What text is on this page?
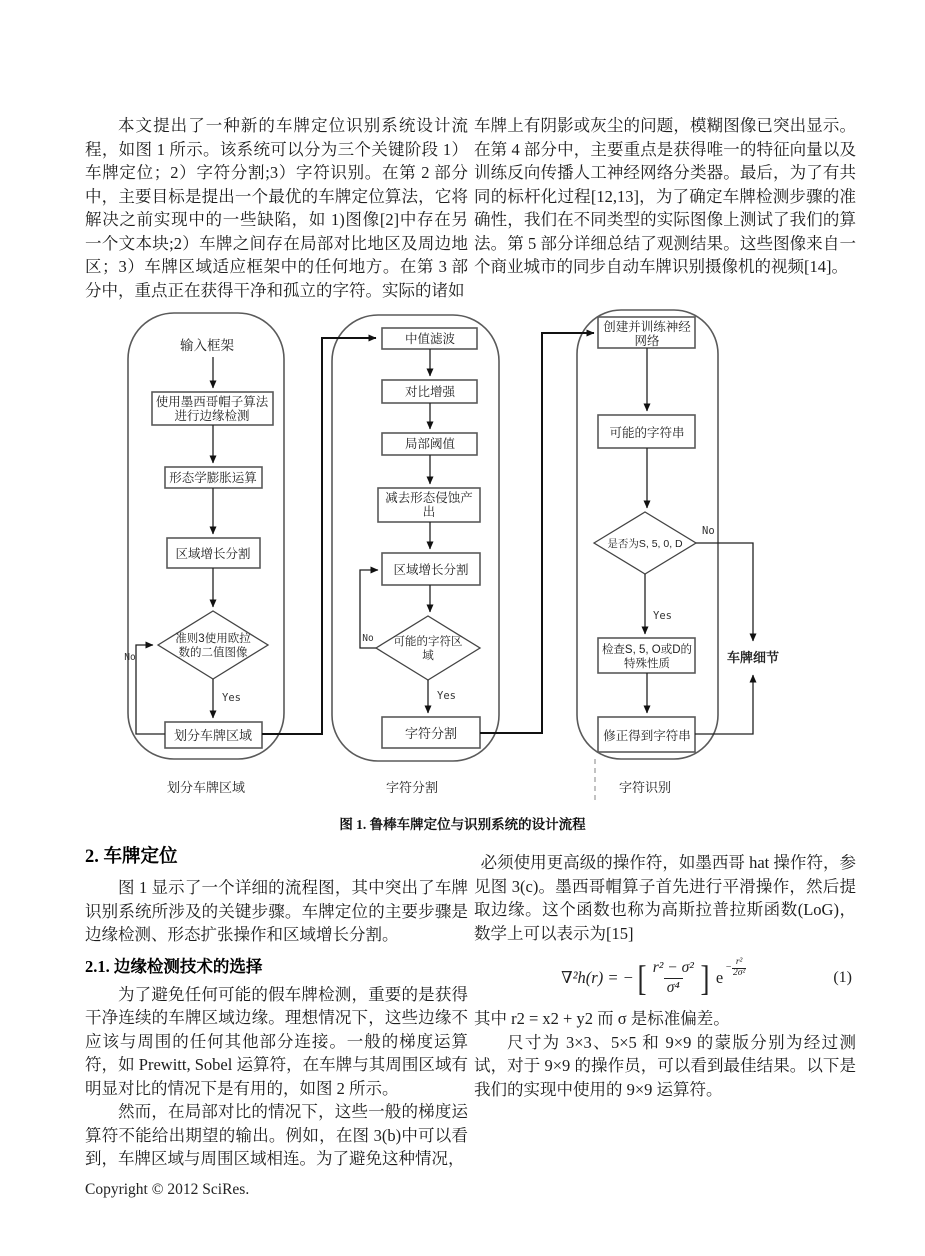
本文提出了一种新的车牌定位识别系统设计流程，如图 1 所示。该系统可以分为三个关键阶段 1）车牌定位；2）字符分割;3）字符识别。在第 2 部分中，主要目标是提出一个最优的车牌定位算法，它将解决之前实现中的一些缺陷，如 1)图像[2]中存在另一个文本块;2）车牌之间存在局部对比地区及周边地区；3）车牌区域适应框架中的任何地方。在第 3 部分中，重点正在获得干净和孤立的字符。实际的诸如

车牌上有阴影或灰尘的问题，模糊图像已突出显示。在第 4 部分中，主要重点是获得唯一的特征向量以及训练反向传播人工神经网络分类器。最后，为了有共同的标杆化过程[12,13]，为了确定车牌检测步骤的准确性，我们在不同类型的实际图像上测试了我们的算法。第 5 部分详细总结了观测结果。这些图像来自一个商业城市的同步自动车牌识别摄像机的视频[14]。

输入框架
使用墨西哥帽子算法
进行边缘检测
形态学膨胀运算
区域增长分割
准则3使用欧拉
数的二值图像
Yes
划分车牌区域
No
划分车牌区域
中值滤波
对比增强
局部阈值
减去形态侵蚀产
出
区域增长分割
可能的字符区
域
Yes
字符分割
No
字符分割
创建并训练神经
网络
可能的字符串
是否为S, 5, 0, D
No
Yes
检查S, 5, O或D的
特殊性质
修正得到字符串
车牌细节
字符识别
图 1. 鲁棒车牌定位与识别系统的设计流程
2. 车牌定位

图 1 显示了一个详细的流程图，其中突出了车牌识别系统所涉及的关键步骤。车牌定位的主要步骤是边缘检测、形态扩张操作和区域增长分割。

2.1. 边缘检测技术的选择

为了避免任何可能的假车牌检测，重要的是获得干净连续的车牌区域边缘。理想情况下，这些边缘不应该与周围的任何其他部分连接。一般的梯度运算符，如 Prewitt, Sobel 运算符，在车牌与其周围区域有明显对比的情况下是有用的，如图 2 所示。

然而，在局部对比的情况下，这些一般的梯度运算符不能给出期望的输出。例如，在图 3(b)中可以看到，车牌区域与周围区域相连。为了避免这种情况，

必须使用更高级的操作符，如墨西哥 hat 操作符，参见图 3(c)。墨西哥帽算子首先进行平滑操作，然后提取边缘。这个函数也称为高斯拉普拉斯函数(LoG)，数学上可以表示为[15]

∇²h(r) = − [ $\frac{\text{r² − σ²}}{\text{σ⁴}}$ ] e
− $\frac{\text{r²}}{\text{2σ²}}$	(1)

其中 r2 = x2 + y2 而 σ 是标准偏差。

尺寸为 3×3、5×5 和 9×9 的蒙版分别为经过测试，对于 9×9 的操作员，可以看到最佳结果。以下是我们的实现中使用的 9×9 运算符。

Copyright © 2012 SciRes.
